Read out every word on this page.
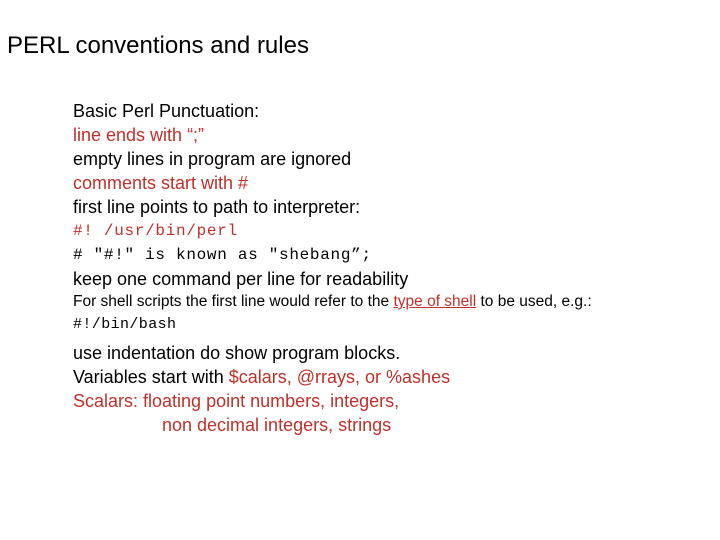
PERL conventions and rules
Basic Perl Punctuation:
line ends with “;”
empty lines in program are ignored
comments start with #
first line points to path to interpreter:
#! /usr/bin/perl
# "#!" is known as "shebang”;
keep one command per line for readability
For shell scripts the first line would refer to the type of shell to be used, e.g.:
#!/bin/bash
use indentation do show program blocks.
Variables start with $calars, @rrays, or %ashes
Scalars: floating point numbers, integers,
non decimal integers, strings
